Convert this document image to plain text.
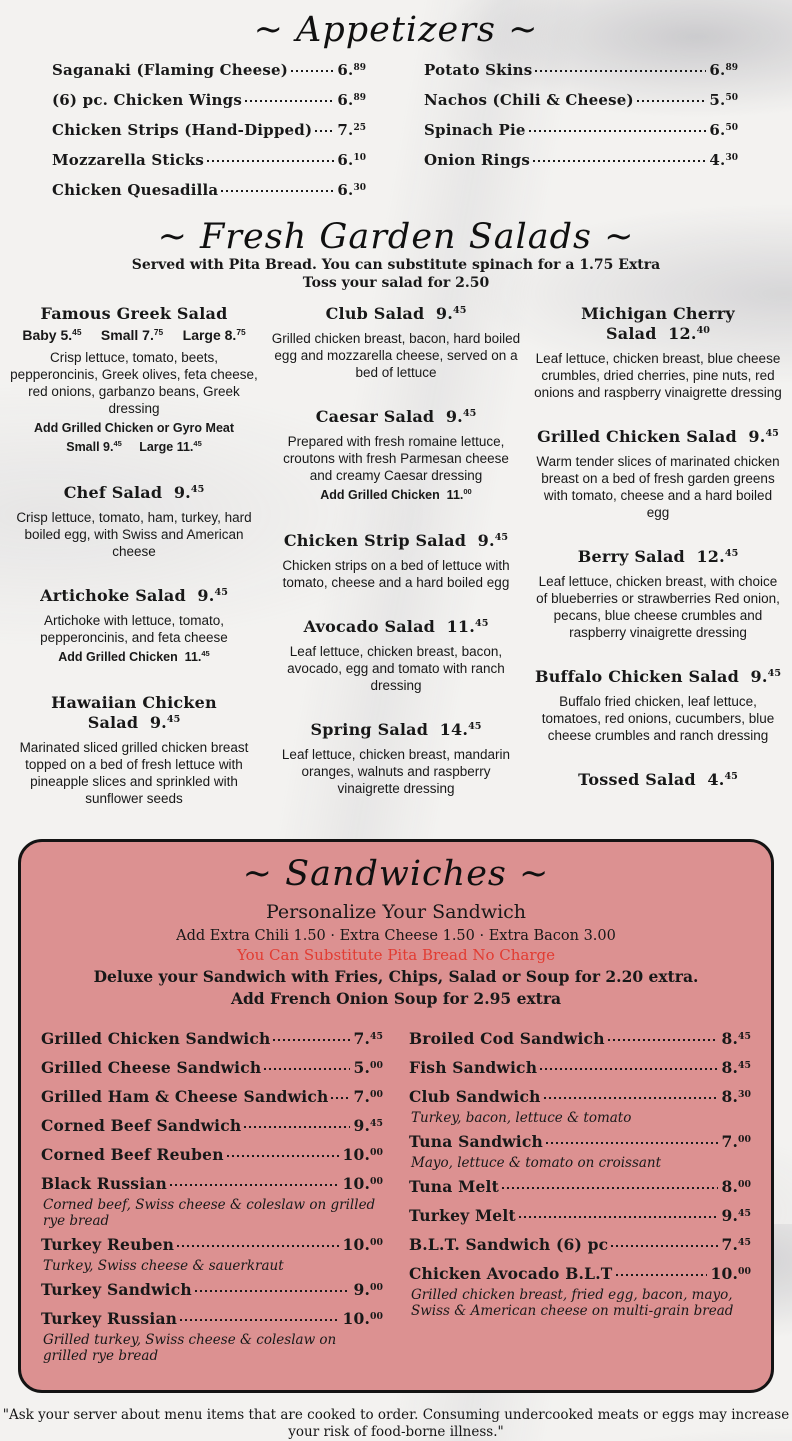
~ Appetizers ~
Saganaki (Flaming Cheese)	6.89
(6) pc. Chicken Wings	6.89
Chicken Strips (Hand-Dipped) 7.25
Mozzarella Sticks	6.10
Chicken Quesadilla	6.30
Potato Skins	6.89
Nachos (Chili & Cheese)	5.50
Spinach Pie	6.50
Onion Rings	4.30
~ Fresh Garden Salads ~
Served with Pita Bread. You can substitute spinach for a 1.75 Extra
Toss your salad for 2.50
Famous Greek Salad
Baby 5.45     Small 7.75     Large 8.75
Crisp lettuce, tomato, beets, pepperoncinis, Greek olives, feta cheese, red onions, garbanzo beans, Greek dressing
Add Grilled Chicken or Gyro Meat
Small 9.45     Large 11.45
Chef Salad  9.45
Crisp lettuce, tomato, ham, turkey, hard boiled egg, with Swiss and American cheese
Artichoke Salad  9.45
Artichoke with lettuce, tomato, pepperoncinis, and feta cheese
Add Grilled Chicken  11.45
Hawaiian Chicken Salad  9.45
Marinated sliced grilled chicken breast topped on a bed of fresh lettuce with pineapple slices and sprinkled with sunflower seeds
Club Salad  9.45
Grilled chicken breast, bacon, hard boiled egg and mozzarella cheese, served on a bed of lettuce
Caesar Salad  9.45
Prepared with fresh romaine lettuce, croutons with fresh Parmesan cheese and creamy Caesar dressing
Add Grilled Chicken  11.00
Chicken Strip Salad  9.45
Chicken strips on a bed of lettuce with tomato, cheese and a hard boiled egg
Avocado Salad  11.45
Leaf lettuce, chicken breast, bacon, avocado, egg and tomato with ranch dressing
Spring Salad  14.45
Leaf lettuce, chicken breast, mandarin oranges, walnuts and raspberry vinaigrette dressing
Michigan Cherry Salad  12.40
Leaf lettuce, chicken breast, blue cheese crumbles, dried cherries, pine nuts, red onions and raspberry vinaigrette dressing
Grilled Chicken Salad  9.45
Warm tender slices of marinated chicken breast on a bed of fresh garden greens with tomato, cheese and a hard boiled egg
Berry Salad  12.45
Leaf lettuce, chicken breast, with choice of blueberries or strawberries Red onion, pecans, blue cheese crumbles and raspberry vinaigrette dressing
Buffalo Chicken Salad  9.45
Buffalo fried chicken, leaf lettuce, tomatoes, red onions, cucumbers, blue cheese crumbles and ranch dressing
Tossed Salad  4.45
~ Sandwiches ~
Personalize Your Sandwich
Add Extra Chili 1.50 · Extra Cheese 1.50 · Extra Bacon 3.00
You Can Substitute Pita Bread No Charge
Deluxe your Sandwich with Fries, Chips, Salad or Soup for 2.20 extra.
Add French Onion Soup for 2.95 extra
Grilled Chicken Sandwich	7.45
Grilled Cheese Sandwich	5.00
Grilled Ham & Cheese Sandwich 7.00
Corned Beef Sandwich	9.45
Corned Beef Reuben	10.00
Black Russian	10.00
Corned beef, Swiss cheese & coleslaw on grilled rye bread
Turkey Reuben	10.00
Turkey, Swiss cheese & sauerkraut
Turkey Sandwich	9.00
Turkey Russian	10.00
Grilled turkey, Swiss cheese & coleslaw on grilled rye bread
Broiled Cod Sandwich	8.45
Fish Sandwich	8.45
Club Sandwich	8.30
Turkey, bacon, lettuce & tomato
Tuna Sandwich	7.00
Mayo, lettuce & tomato on croissant
Tuna Melt	8.00
Turkey Melt	9.45
B.L.T. Sandwich (6) pc	7.45
Chicken Avocado B.L.T	10.00
Grilled chicken breast, fried egg, bacon, mayo, Swiss & American cheese on multi-grain bread
"Ask your server about menu items that are cooked to order. Consuming undercooked meats or eggs may increase your risk of food-borne illness."
